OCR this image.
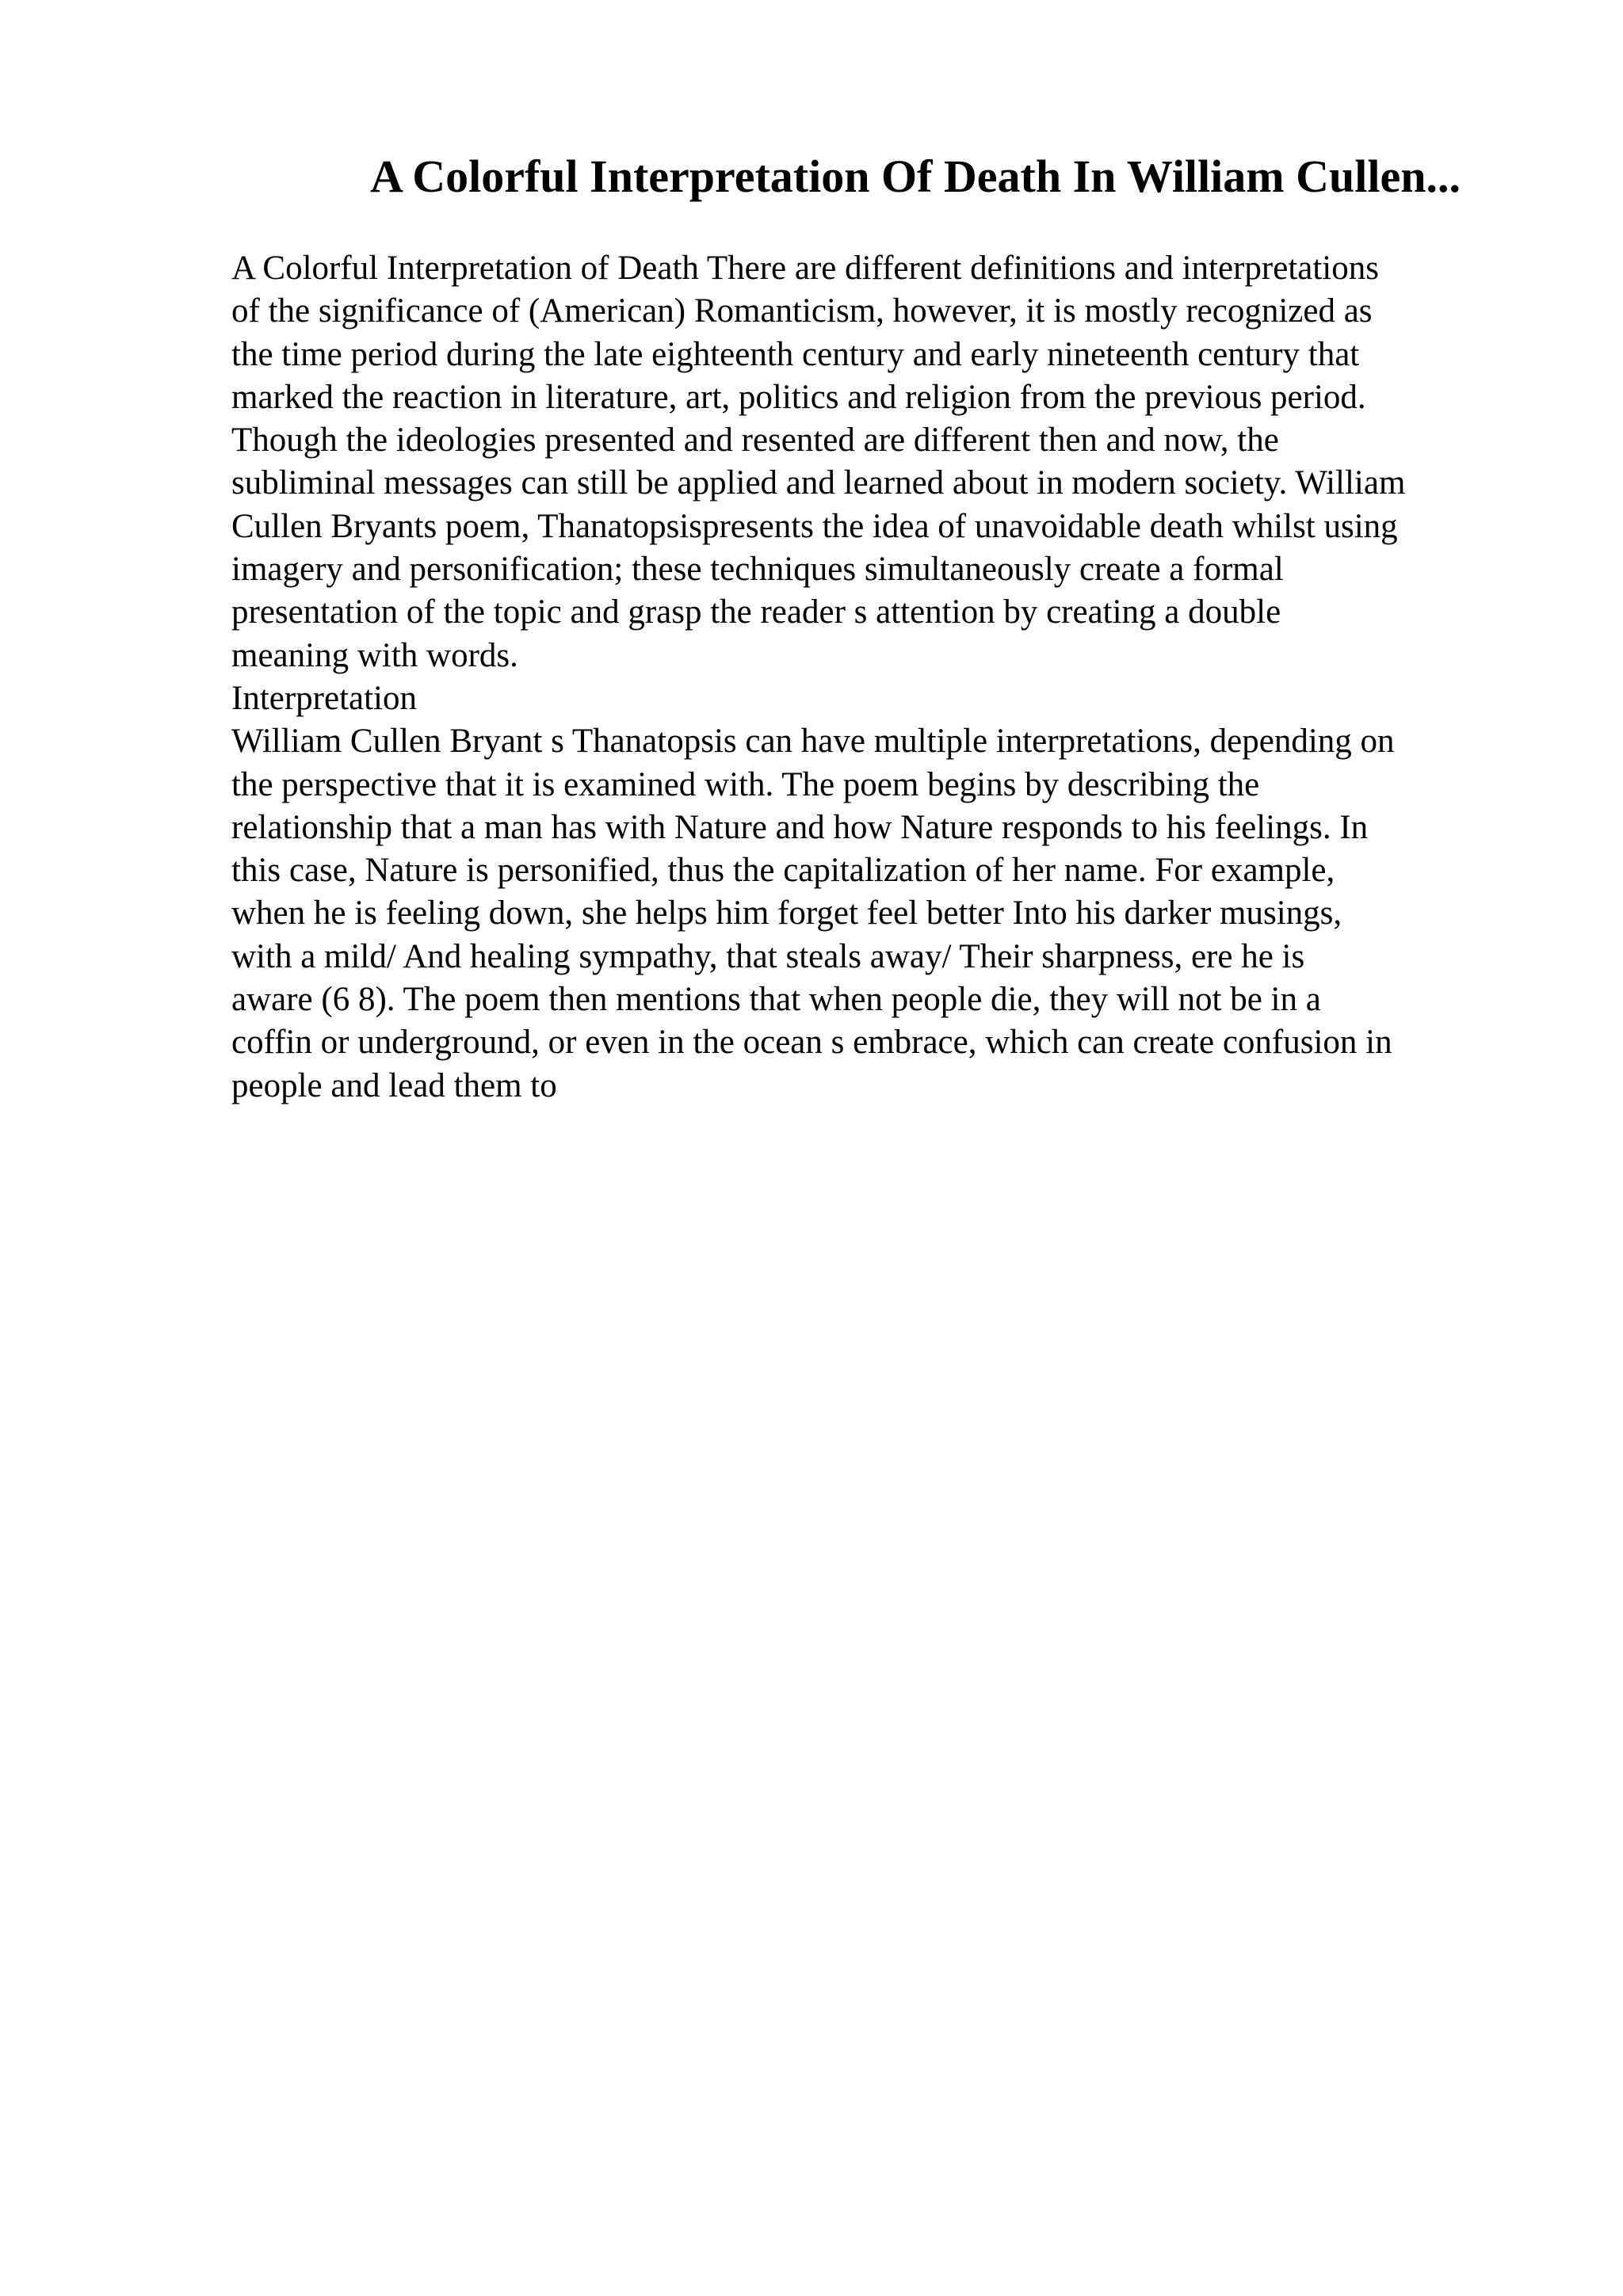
A Colorful Interpretation Of Death In William Cullen...
A Colorful Interpretation of Death There are different definitions and interpretations
of the significance of (American) Romanticism, however, it is mostly recognized as
the time period during the late eighteenth century and early nineteenth century that
marked the reaction in literature, art, politics and religion from the previous period.
Though the ideologies presented and resented are different then and now, the
subliminal messages can still be applied and learned about in modern society. William
Cullen Bryants poem, Thanatopsispresents the idea of unavoidable death whilst using
imagery and personification; these techniques simultaneously create a formal
presentation of the topic and grasp the reader s attention by creating a double
meaning with words.
Interpretation
William Cullen Bryant s Thanatopsis can have multiple interpretations, depending on
the perspective that it is examined with. The poem begins by describing the
relationship that a man has with Nature and how Nature responds to his feelings. In
this case, Nature is personified, thus the capitalization of her name. For example,
when he is feeling down, she helps him forget feel better Into his darker musings,
with a mild/ And healing sympathy, that steals away/ Their sharpness, ere he is
aware (6 8). The poem then mentions that when people die, they will not be in a
coffin or underground, or even in the ocean s embrace, which can create confusion in
people and lead them to
